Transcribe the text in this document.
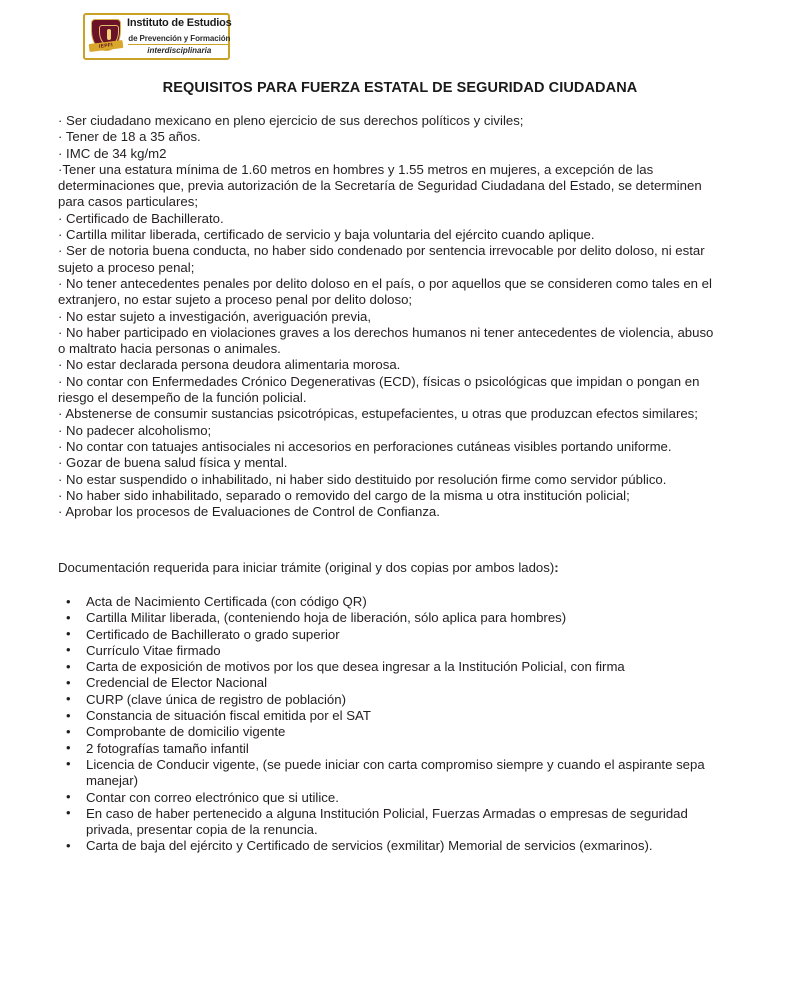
IEPFI
Instituto de Estudios
de Prevención y Formación
interdisciplinaria
REQUISITOS PARA FUERZA ESTATAL DE SEGURIDAD CIUDADANA
· Ser ciudadano mexicano en pleno ejercicio de sus derechos políticos y civiles;
· Tener de 18 a 35 años.
· IMC de 34 kg/m2
·Tener una estatura mínima de 1.60 metros en hombres y 1.55 metros en mujeres, a excepción de las determinaciones que, previa autorización de la Secretaría de Seguridad Ciudadana del Estado, se determinen para casos particulares;
· Certificado de Bachillerato.
· Cartilla militar liberada, certificado de servicio y baja voluntaria del ejército cuando aplique.
· Ser de notoria buena conducta, no haber sido condenado por sentencia irrevocable por delito doloso, ni estar sujeto a proceso penal;
· No tener antecedentes penales por delito doloso en el país, o por aquellos que se consideren como tales en el extranjero, no estar sujeto a proceso penal por delito doloso;
· No estar sujeto a investigación, averiguación previa,
· No haber participado en violaciones graves a los derechos humanos ni tener antecedentes de violencia, abuso o maltrato hacia personas o animales.
· No estar declarada persona deudora alimentaria morosa.
· No contar con Enfermedades Crónico Degenerativas (ECD), físicas o psicológicas que impidan o pongan en riesgo el desempeño de la función policial.
· Abstenerse de consumir sustancias psicotrópicas, estupefacientes, u otras que produzcan efectos similares;
· No padecer alcoholismo;
· No contar con tatuajes antisociales ni accesorios en perforaciones cutáneas visibles portando uniforme.
· Gozar de buena salud física y mental.
· No estar suspendido o inhabilitado, ni haber sido destituido por resolución firme como servidor público.
· No haber sido inhabilitado, separado o removido del cargo de la misma u otra institución policial;
· Aprobar los procesos de Evaluaciones de Control de Confianza.
Documentación requerida para iniciar trámite (original y dos copias por ambos lados):
• Acta de Nacimiento Certificada (con código QR)
• Cartilla Militar liberada, (conteniendo hoja de liberación, sólo aplica para hombres)
• Certificado de Bachillerato o grado superior
• Currículo Vitae firmado
• Carta de exposición de motivos por los que desea ingresar a la Institución Policial, con firma
• Credencial de Elector Nacional
• CURP (clave única de registro de población)
• Constancia de situación fiscal emitida por el SAT
• Comprobante de domicilio vigente
• 2 fotografías tamaño infantil
• Licencia de Conducir vigente, (se puede iniciar con carta compromiso siempre y cuando el aspirante sepa manejar)
• Contar con correo electrónico que si utilice.
• En caso de haber pertenecido a alguna Institución Policial, Fuerzas Armadas o empresas de seguridad privada, presentar copia de la renuncia.
• Carta de baja del ejército y Certificado de servicios (exmilitar) Memorial de servicios (exmarinos).
